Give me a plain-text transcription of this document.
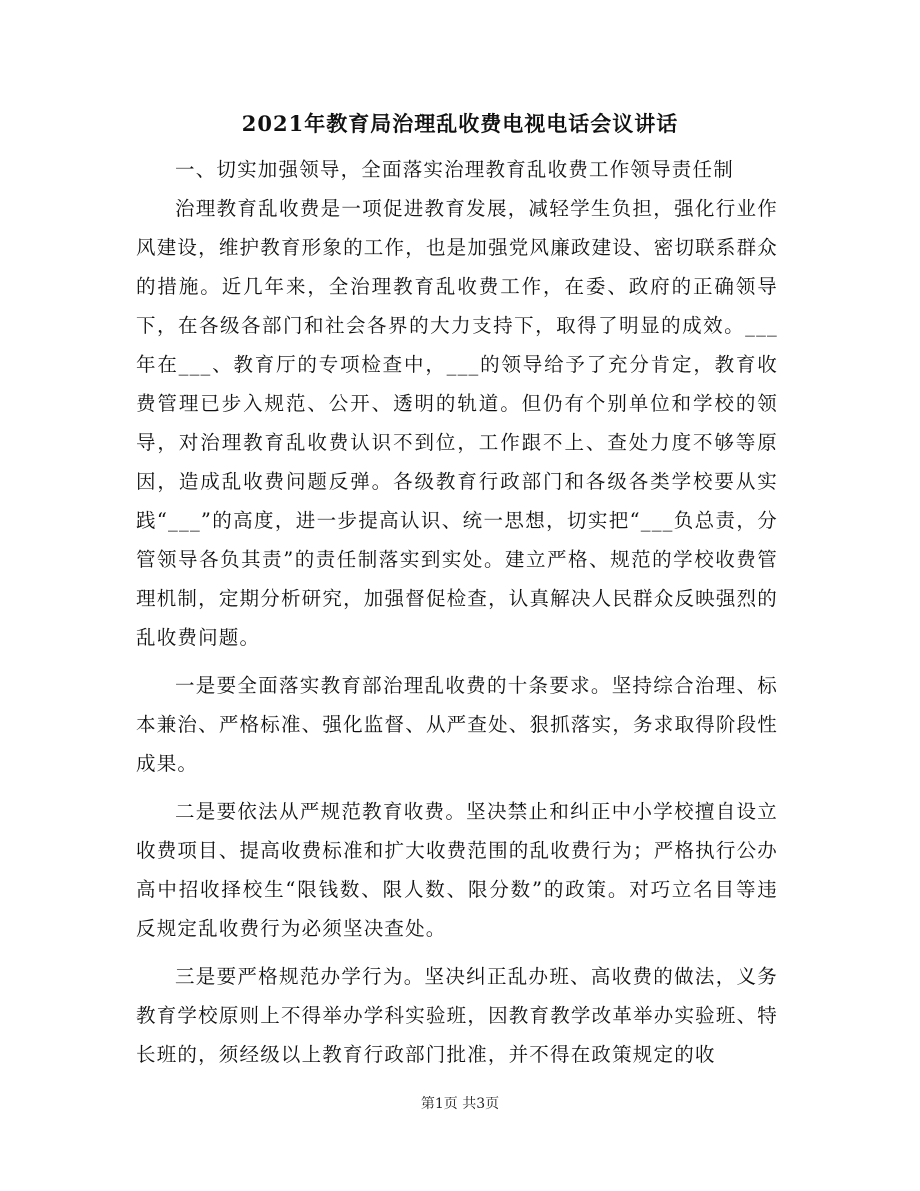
2021年教育局治理乱收费电视电话会议讲话

一、切实加强领导，全面落实治理教育乱收费工作领导责任制

治理教育乱收费是一项促进教育发展，减轻学生负担，强化行业作风建设，维护教育形象的工作，也是加强党风廉政建设、密切联系群众的措施。近几年来，全治理教育乱收费工作，在委、政府的正确领导下，在各级各部门和社会各界的大力支持下，取得了明显的成效。___年在___、教育厅的专项检查中，___的领导给予了充分肯定，教育收费管理已步入规范、公开、透明的轨道。但仍有个别单位和学校的领导，对治理教育乱收费认识不到位，工作跟不上、查处力度不够等原因，造成乱收费问题反弹。各级教育行政部门和各级各类学校要从实践“___”的高度，进一步提高认识、统一思想，切实把“___负总责，分管领导各负其责”的责任制落实到实处。建立严格、规范的学校收费管理机制，定期分析研究，加强督促检查，认真解决人民群众反映强烈的乱收费问题。

一是要全面落实教育部治理乱收费的十条要求。坚持综合治理、标本兼治、严格标准、强化监督、从严查处、狠抓落实，务求取得阶段性成果。

二是要依法从严规范教育收费。坚决禁止和纠正中小学校擅自设立收费项目、提高收费标准和扩大收费范围的乱收费行为；严格执行公办高中招收择校生“限钱数、限人数、限分数”的政策。对巧立名目等违反规定乱收费行为必须坚决查处。

三是要严格规范办学行为。坚决纠正乱办班、高收费的做法，义务教育学校原则上不得举办学科实验班，因教育教学改革举办实验班、特长班的，须经级以上教育行政部门批准，并不得在政策规定的收

第1页 共3页
